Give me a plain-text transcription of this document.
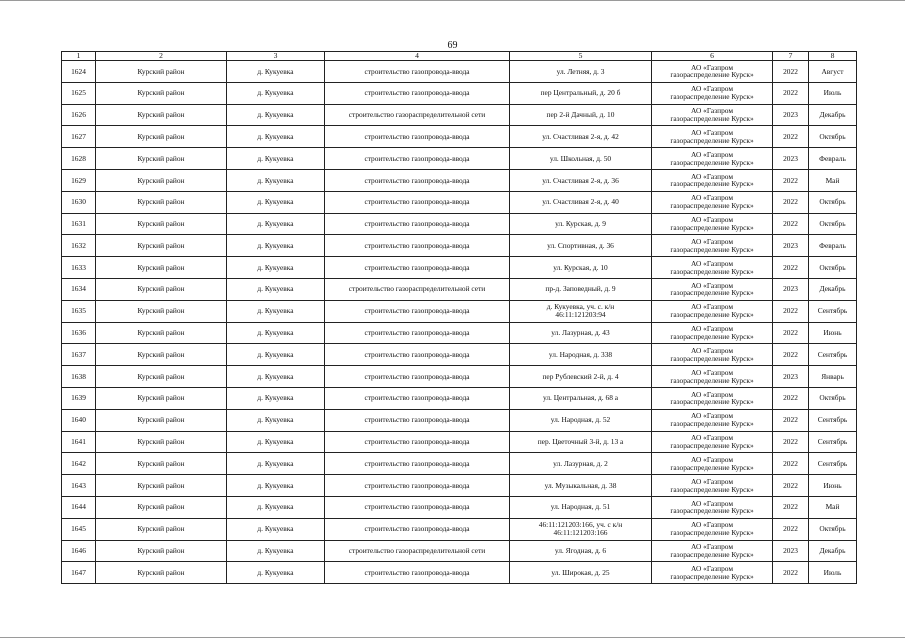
69
1	2	3	4	5	6	7	8
1624	Курский район	д. Кукуевка	строительство газопровода-ввода	ул. Летняя, д. 3	АО «Газпром
газораспределение Курск»	2022	Август
1625	Курский район	д. Кукуевка	строительство газопровода-ввода	пер Центральный, д. 20 б	АО «Газпром
газораспределение Курск»	2022	Июль
1626	Курский район	д. Кукуевка	строительство газораспределительной сети	пер 2-й Дачный, д. 10	АО «Газпром
газораспределение Курск»	2023	Декабрь
1627	Курский район	д. Кукуевка	строительство газопровода-ввода	ул. Счастливая 2-я, д. 42	АО «Газпром
газораспределение Курск»	2022	Октябрь
1628	Курский район	д. Кукуевка	строительство газопровода-ввода	ул. Школьная, д. 50	АО «Газпром
газораспределение Курск»	2023	Февраль
1629	Курский район	д. Кукуевка	строительство газопровода-ввода	ул. Счастливая 2-я, д. 36	АО «Газпром
газораспределение Курск»	2022	Май
1630	Курский район	д. Кукуевка	строительство газопровода-ввода	ул. Счастливая 2-я, д. 40	АО «Газпром
газораспределение Курск»	2022	Октябрь
1631	Курский район	д. Кукуевка	строительство газопровода-ввода	ул. Курская, д. 9	АО «Газпром
газораспределение Курск»	2022	Октябрь
1632	Курский район	д. Кукуевка	строительство газопровода-ввода	ул. Спортивная, д. 36	АО «Газпром
газораспределение Курск»	2023	Февраль
1633	Курский район	д. Кукуевка	строительство газопровода-ввода	ул. Курская, д. 10	АО «Газпром
газораспределение Курск»	2022	Октябрь
1634	Курский район	д. Кукуевка	строительство газораспределительной сети	пр-д. Заповедный, д. 9	АО «Газпром
газораспределение Курск»	2023	Декабрь
1635	Курский район	д. Кукуевка	строительство газопровода-ввода	д. Кукуевка, уч. с. к/н
46:11:121203:94	АО «Газпром
газораспределение Курск»	2022	Сентябрь
1636	Курский район	д. Кукуевка	строительство газопровода-ввода	ул. Лазурная, д. 43	АО «Газпром
газораспределение Курск»	2022	Июнь
1637	Курский район	д. Кукуевка	строительство газопровода-ввода	ул. Народная, д. 338	АО «Газпром
газораспределение Курск»	2022	Сентябрь
1638	Курский район	д. Кукуевка	строительство газопровода-ввода	пер Рублевский 2-й, д. 4	АО «Газпром
газораспределение Курск»	2023	Январь
1639	Курский район	д. Кукуевка	строительство газопровода-ввода	ул. Центральная, д. 68 а	АО «Газпром
газораспределение Курск»	2022	Октябрь
1640	Курский район	д. Кукуевка	строительство газопровода-ввода	ул. Народная, д. 52	АО «Газпром
газораспределение Курск»	2022	Сентябрь
1641	Курский район	д. Кукуевка	строительство газопровода-ввода	пер. Цветочный 3-й, д. 13 а	АО «Газпром
газораспределение Курск»	2022	Сентябрь
1642	Курский район	д. Кукуевка	строительство газопровода-ввода	ул. Лазурная, д. 2	АО «Газпром
газораспределение Курск»	2022	Сентябрь
1643	Курский район	д. Кукуевка	строительство газопровода-ввода	ул. Музыкальная, д. 38	АО «Газпром
газораспределение Курск»	2022	Июнь
1644	Курский район	д. Кукуевка	строительство газопровода-ввода	ул. Народная, д. 51	АО «Газпром
газораспределение Курск»	2022	Май
1645	Курский район	д. Кукуевка	строительство газопровода-ввода	46:11:121203:166, уч. с к/н
46:11:121203:166	АО «Газпром
газораспределение Курск»	2022	Октябрь
1646	Курский район	д. Кукуевка	строительство газораспределительной сети	ул. Ягодная, д. 6	АО «Газпром
газораспределение Курск»	2023	Декабрь
1647	Курский район	д. Кукуевка	строительство газопровода-ввода	ул. Широкая, д. 25	АО «Газпром
газораспределение Курск»	2022	Июль
